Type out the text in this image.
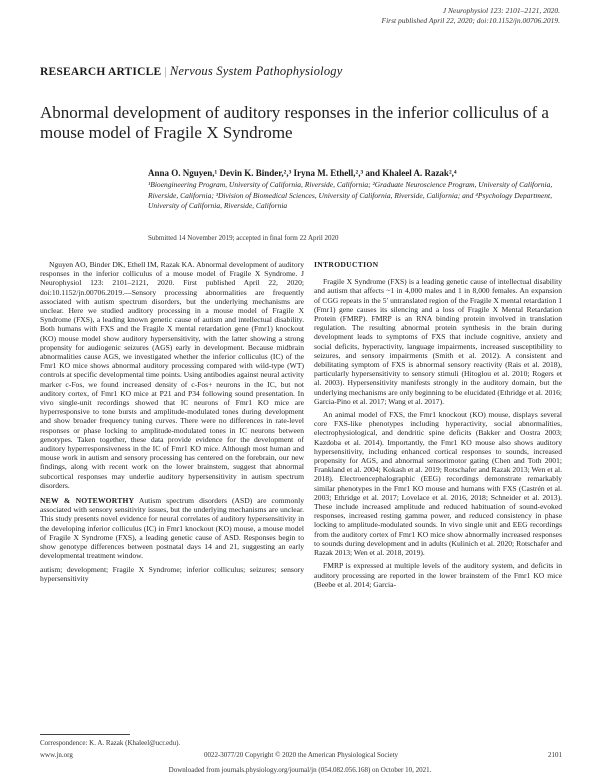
J Neurophysiol 123: 2101–2121, 2020.
First published April 22, 2020; doi:10.1152/jn.00706.2019.
RESEARCH ARTICLE | Nervous System Pathophysiology
Abnormal development of auditory responses in the inferior colliculus of a mouse model of Fragile X Syndrome
Anna O. Nguyen,¹ Devin K. Binder,²,³ Iryna M. Ethell,²,³ and Khaleel A. Razak²,⁴
¹Bioengineering Program, University of California, Riverside, California; ²Graduate Neuroscience Program, University of California, Riverside, California; ³Division of Biomedical Sciences, University of California, Riverside, California; and ⁴Psychology Department, University of California, Riverside, California
Submitted 14 November 2019; accepted in final form 22 April 2020

Nguyen AO, Binder DK, Ethell IM, Razak KA. Abnormal development of auditory responses in the inferior colliculus of a mouse model of Fragile X Syndrome. J Neurophysiol 123: 2101–2121, 2020. First published April 22, 2020; doi:10.1152/jn.00706.2019.—Sensory processing abnormalities are frequently associated with autism spectrum disorders, but the underlying mechanisms are unclear. Here we studied auditory processing in a mouse model of Fragile X Syndrome (FXS), a leading known genetic cause of autism and intellectual disability. Both humans with FXS and the Fragile X mental retardation gene (Fmr1) knockout (KO) mouse model show auditory hypersensitivity, with the latter showing a strong propensity for audiogenic seizures (AGS) early in development. Because midbrain abnormalities cause AGS, we investigated whether the inferior colliculus (IC) of the Fmr1 KO mice shows abnormal auditory processing compared with wild-type (WT) controls at specific developmental time points. Using antibodies against neural activity marker c-Fos, we found increased density of c-Fos+ neurons in the IC, but not auditory cortex, of Fmr1 KO mice at P21 and P34 following sound presentation. In vivo single-unit recordings showed that IC neurons of Fmr1 KO mice are hyperresponsive to tone bursts and amplitude-modulated tones during development and show broader frequency tuning curves. There were no differences in rate-level responses or phase locking to amplitude-modulated tones in IC neurons between genotypes. Taken together, these data provide evidence for the development of auditory hyperresponsiveness in the IC of Fmr1 KO mice. Although most human and mouse work in autism and sensory processing has centered on the forebrain, our new findings, along with recent work on the lower brainstem, suggest that abnormal subcortical responses may underlie auditory hypersensitivity in autism spectrum disorders.

NEW & NOTEWORTHY Autism spectrum disorders (ASD) are commonly associated with sensory sensitivity issues, but the underlying mechanisms are unclear. This study presents novel evidence for neural correlates of auditory hypersensitivity in the developing inferior colliculus (IC) in Fmr1 knockout (KO) mouse, a mouse model of Fragile X Syndrome (FXS), a leading genetic cause of ASD. Responses begin to show genotype differences between postnatal days 14 and 21, suggesting an early developmental treatment window.

autism; development; Fragile X Syndrome; inferior colliculus; seizures; sensory hypersensitivity

INTRODUCTION

Fragile X Syndrome (FXS) is a leading genetic cause of intellectual disability and autism that affects ~1 in 4,000 males and 1 in 8,000 females. An expansion of CGG repeats in the 5′ untranslated region of the Fragile X mental retardation 1 (Fmr1) gene causes its silencing and a loss of Fragile X Mental Retardation Protein (FMRP). FMRP is an RNA binding protein involved in translation regulation. The resulting abnormal protein synthesis in the brain during development leads to symptoms of FXS that include cognitive, anxiety and social deficits, hyperactivity, language impairments, increased susceptibility to seizures, and sensory impairments (Smith et al. 2012). A consistent and debilitating symptom of FXS is abnormal sensory reactivity (Rais et al. 2018), particularly hypersensitivity to sensory stimuli (Hitoglou et al. 2010; Rogers et al. 2003). Hypersensitivity manifests strongly in the auditory domain, but the underlying mechanisms are only beginning to be elucidated (Ethridge et al. 2016; Garcia-Pino et al. 2017; Wang et al. 2017).

An animal model of FXS, the Fmr1 knockout (KO) mouse, displays several core FXS-like phenotypes including hyperactivity, social abnormalities, electrophysiological, and dendritic spine deficits (Bakker and Oostra 2003; Kazdoba et al. 2014). Importantly, the Fmr1 KO mouse also shows auditory hypersensitivity, including enhanced cortical responses to sounds, increased propensity for AGS, and abnormal sensorimotor gating (Chen and Toth 2001; Frankland et al. 2004; Kokash et al. 2019; Rotschafer and Razak 2013; Wen et al. 2018). Electroencephalographic (EEG) recordings demonstrate remarkably similar phenotypes in the Fmr1 KO mouse and humans with FXS (Castrén et al. 2003; Ethridge et al. 2017; Lovelace et al. 2016, 2018; Schneider et al. 2013). These include increased amplitude and reduced habituation of sound-evoked responses, increased resting gamma power, and reduced consistency in phase locking to amplitude-modulated sounds. In vivo single unit and EEG recordings from the auditory cortex of Fmr1 KO mice show abnormally increased responses to sounds during development and in adults (Kulinich et al. 2020; Rotschafer and Razak 2013; Wen et al. 2018, 2019).

FMRP is expressed at multiple levels of the auditory system, and deficits in auditory processing are reported in the lower brainstem of the Fmr1 KO mice (Beebe et al. 2014; Garcia-

Correspondence: K. A. Razak (Khaleel@ucr.edu).
www.jn.org	0022-3077/20 Copyright © 2020 the American Physiological Society	2101
Downloaded from journals.physiology.org/journal/jn (054.082.056.168) on October 10, 2021.
